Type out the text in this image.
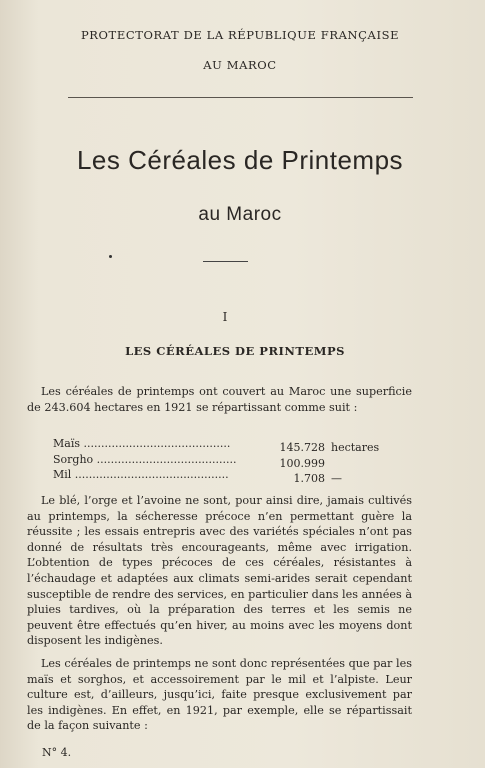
PROTECTORAT DE LA RÉPUBLIQUE FRANÇAISE
AU MAROC
Les Céréales de Printemps
au Maroc
I
LES CÉRÉALES DE PRINTEMPS
Les céréales de printemps ont couvert au Maroc une superficie de 243.604 hectares en 1921 se répartissant comme suit :
Maïs ..........................................	145.728 hectares
Sorgho ........................................	100.999
Mil ............................................	1.708 —
Le blé, l’orge et l’avoine ne sont, pour ainsi dire, jamais cultivés au printemps, la sécheresse précoce n’en permettant guère la réussite ; les essais entrepris avec des variétés spéciales n’ont pas donné de résultats très encourageants, même avec irrigation. L’obtention de types précoces de ces céréales, résistantes à l’échaudage et adaptées aux climats semi-arides serait cependant susceptible de rendre des services, en particulier dans les années à pluies tardives, où la préparation des terres et les semis ne peuvent être effectués qu’en hiver, au moins avec les moyens dont disposent les indigènes.
Les céréales de printemps ne sont donc représentées que par les maïs et sorghos, et accessoirement par le mil et l’alpiste. Leur culture est, d’ailleurs, jusqu’ici, faite presque exclusivement par les indigènes. En effet, en 1921, par exemple, elle se répartissait de la façon suivante :
N° 4.
